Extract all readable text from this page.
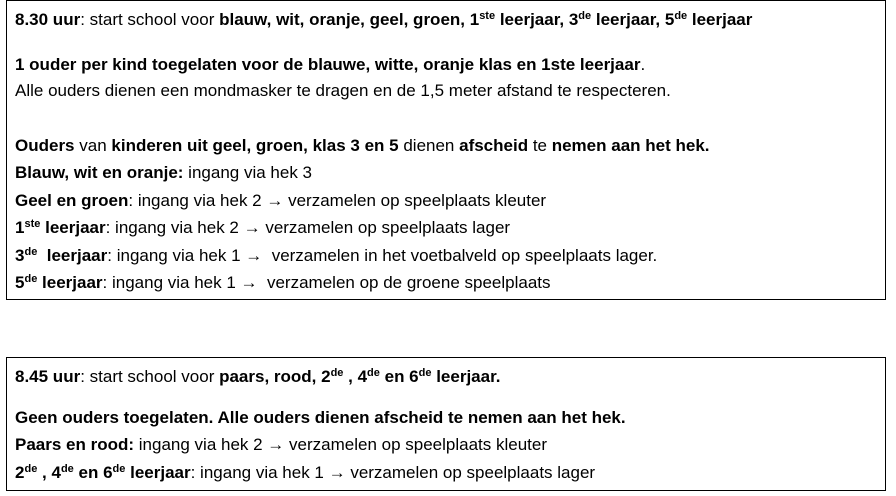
8.30 uur: start school voor blauw, wit, oranje, geel, groen, 1ste leerjaar, 3de leerjaar, 5de leerjaar
1 ouder per kind toegelaten voor de blauwe, witte, oranje klas en 1ste leerjaar.
Alle ouders dienen een mondmasker te dragen en de 1,5 meter afstand te respecteren.
Ouders van kinderen uit geel, groen, klas 3 en 5 dienen afscheid te nemen aan het hek.
Blauw, wit en oranje: ingang via hek 3
Geel en groen: ingang via hek 2 → verzamelen op speelplaats kleuter
1ste leerjaar: ingang via hek 2 → verzamelen op speelplaats lager
3de  leerjaar: ingang via hek 1 →  verzamelen in het voetbalveld op speelplaats lager.
5de leerjaar: ingang via hek 1 →  verzamelen op de groene speelplaats
8.45 uur: start school voor paars, rood, 2de , 4de en 6de leerjaar.
Geen ouders toegelaten. Alle ouders dienen afscheid te nemen aan het hek.
Paars en rood: ingang via hek 2 → verzamelen op speelplaats kleuter
2de , 4de en 6de leerjaar: ingang via hek 1 → verzamelen op speelplaats lager
